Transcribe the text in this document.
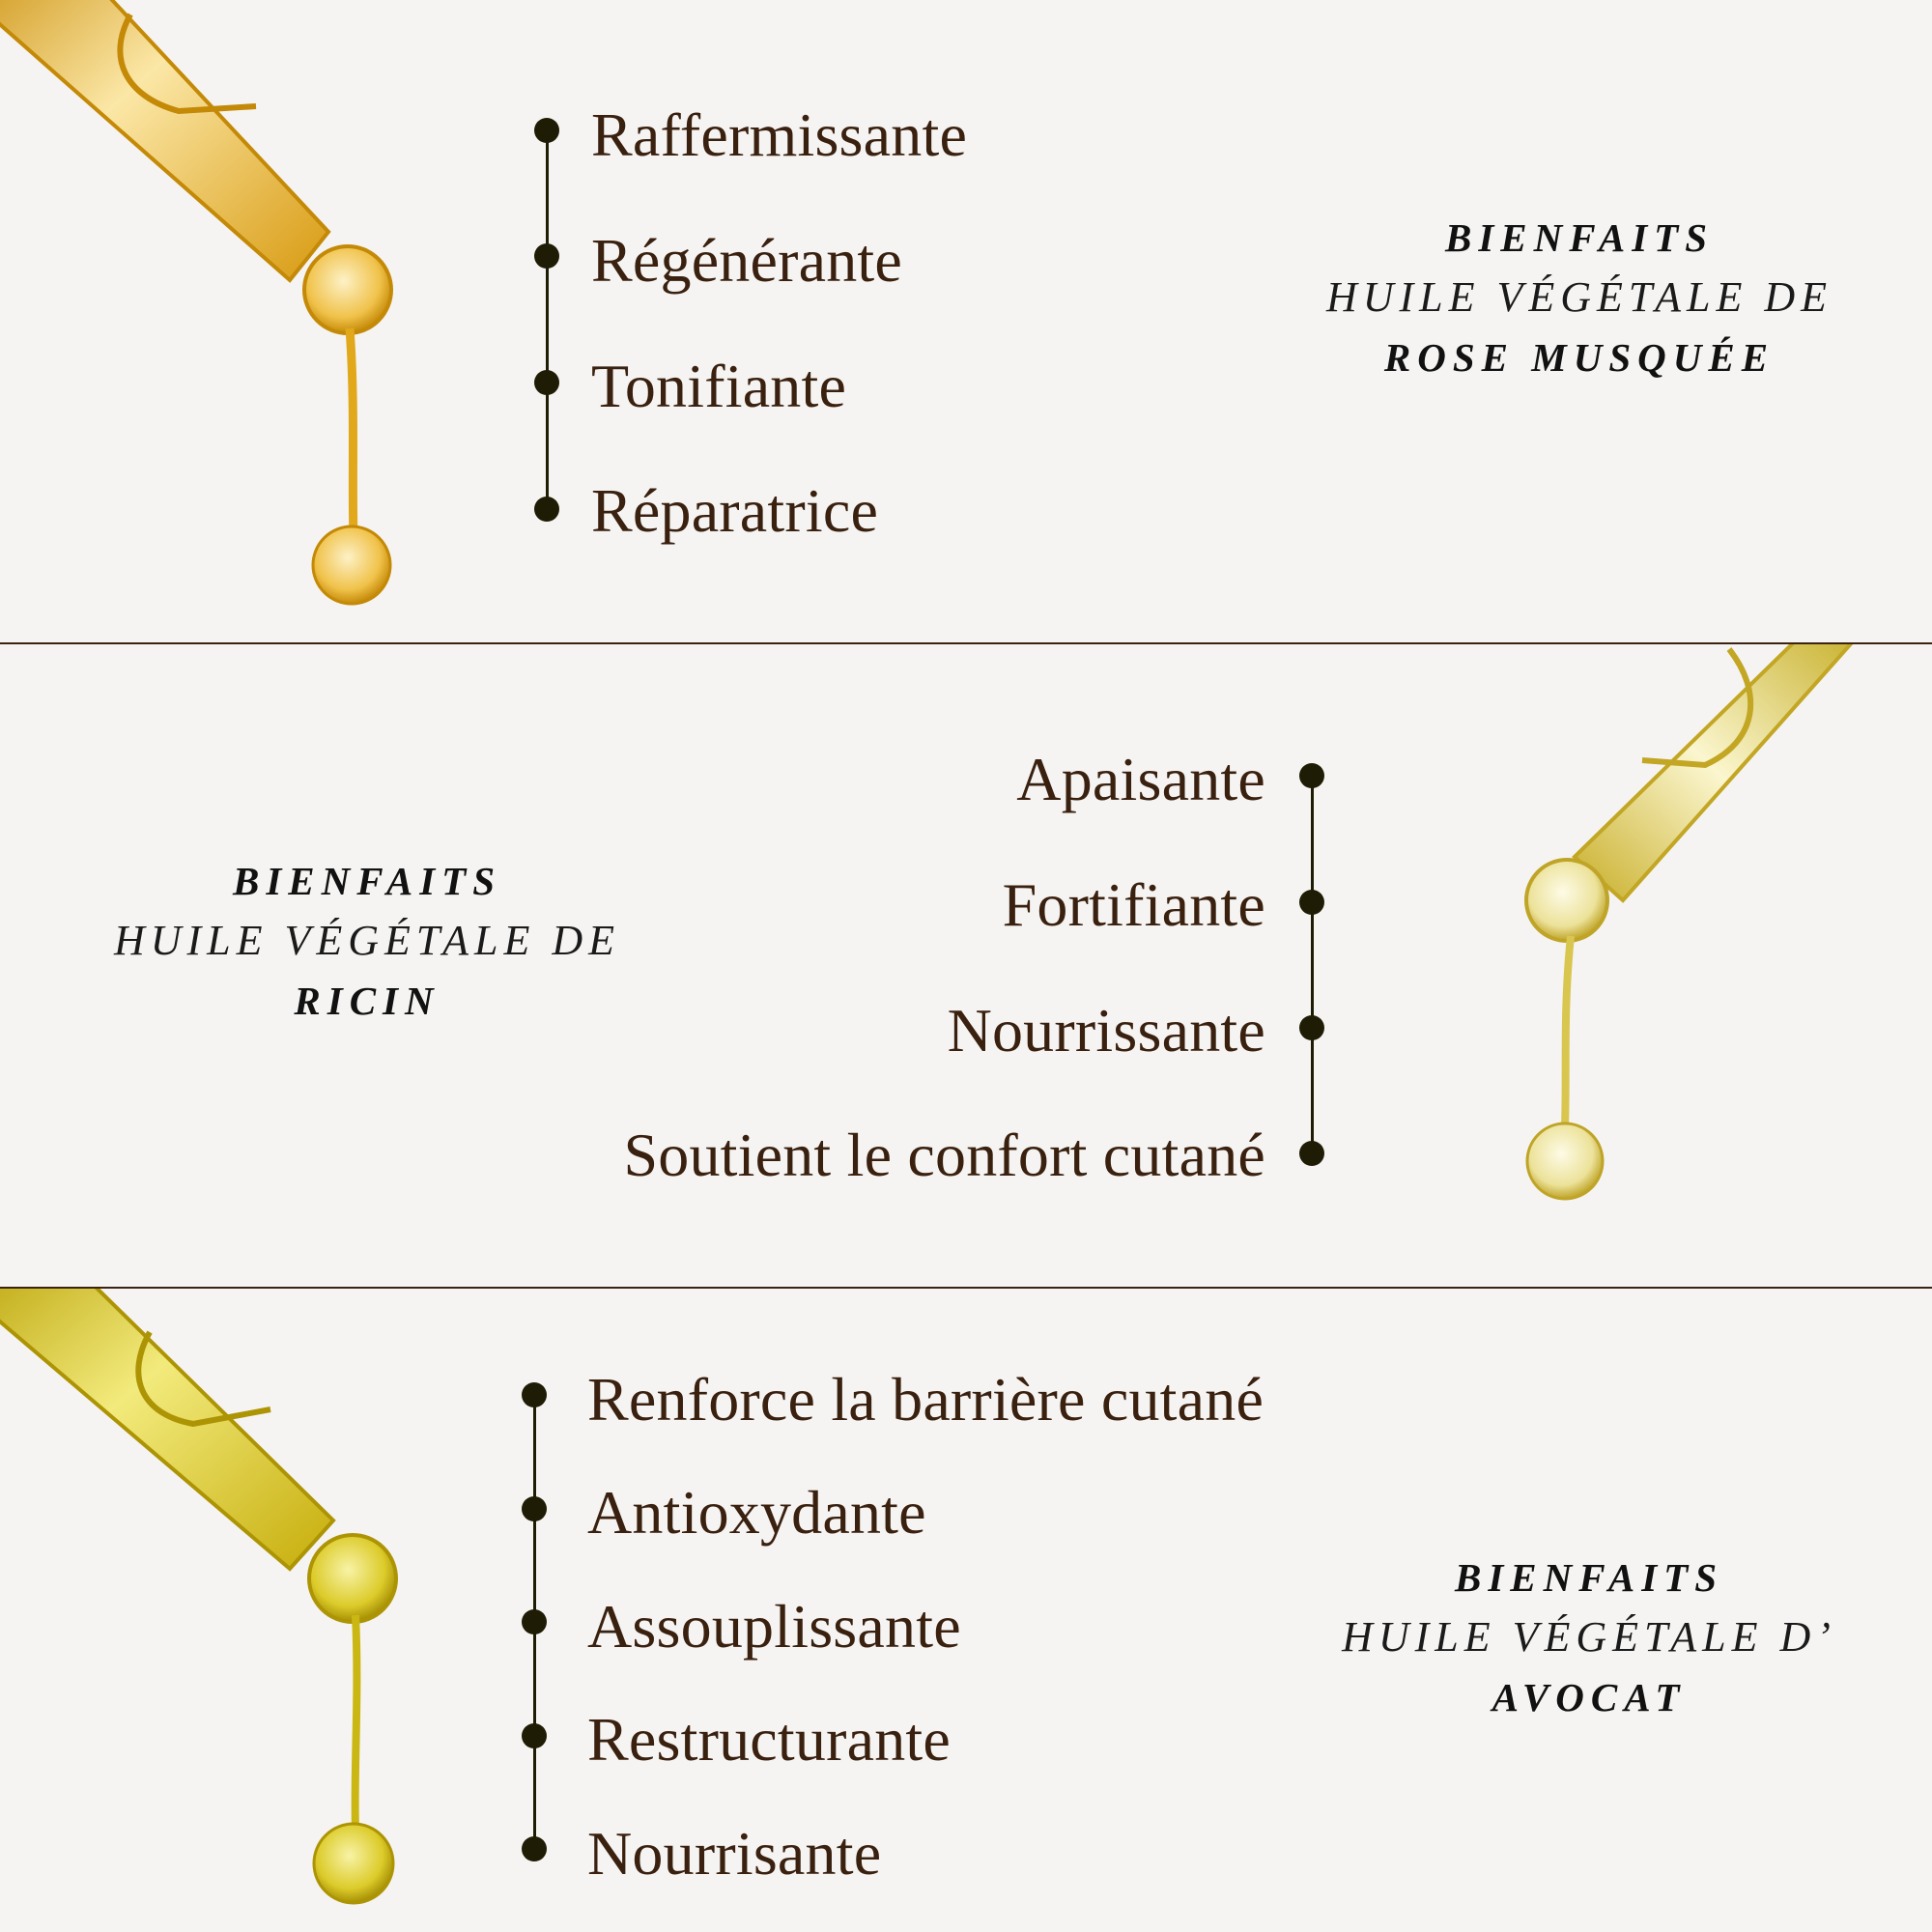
Raffermissante
Régénérante
Tonifiante
Réparatrice
BIENFAITS
HUILE VÉGÉTALE DE
ROSE MUSQUÉE
BIENFAITS
HUILE VÉGÉTALE DE
RICIN
Apaisante
Fortifiante
Nourrissante
Soutient le confort cutané
Renforce la barrière cutané
Antioxydante
Assouplissante
Restructurante
Nourrisante
BIENFAITS
HUILE VÉGÉTALE D’
AVOCAT
